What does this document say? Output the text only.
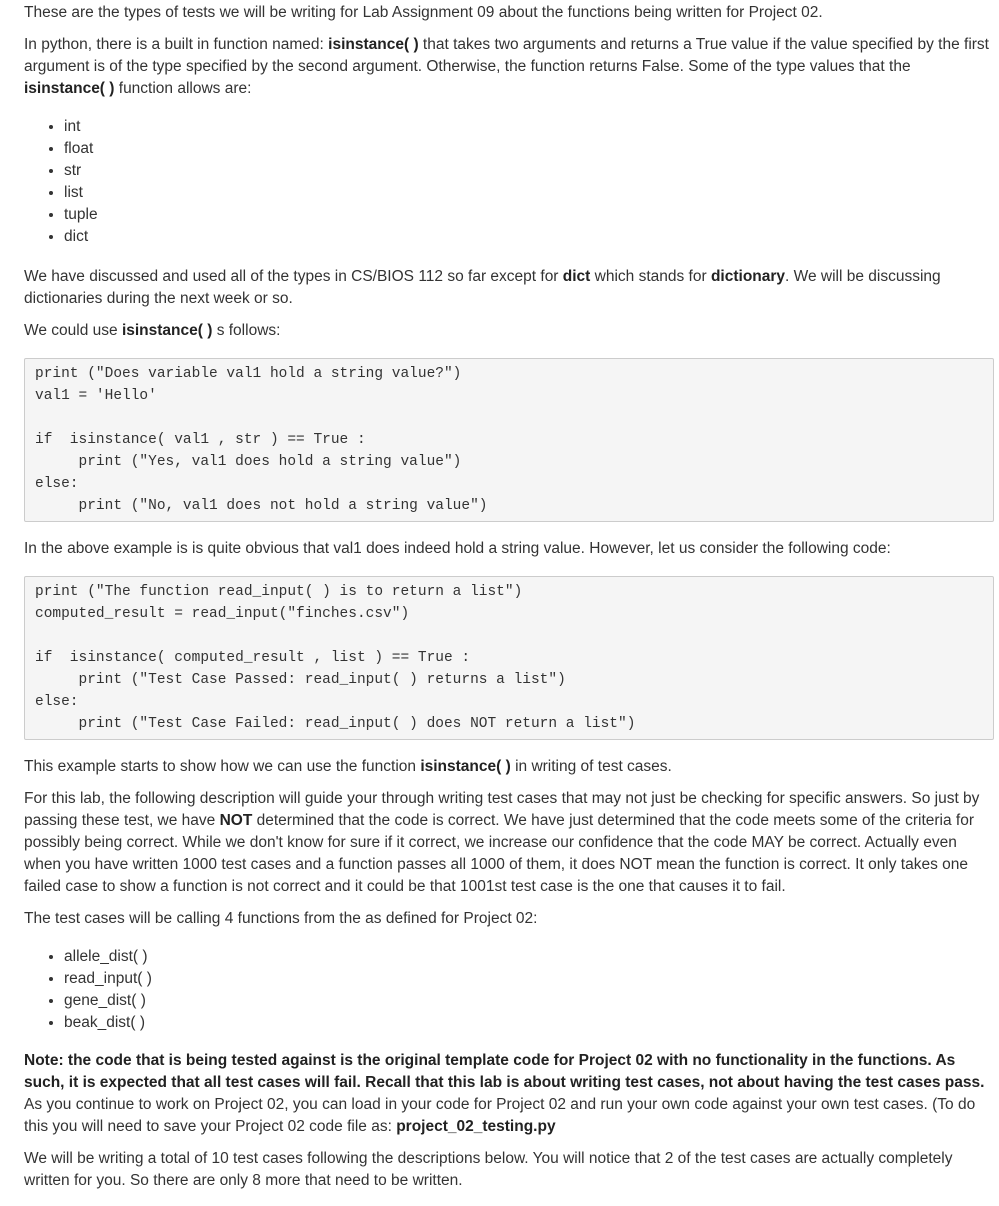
These are the types of tests we will be writing for Lab Assignment 09 about the functions being written for Project 02.

In python, there is a built in function named: isinstance( ) that takes two arguments and returns a True value if the value specified by the first argument is of the type specified by the second argument. Otherwise, the function returns False. Some of the type values that the isinstance( ) function allows are:

• int
• float
• str
• list
• tuple
• dict

We have discussed and used all of the types in CS/BIOS 112 so far except for dict which stands for dictionary. We will be discussing dictionaries during the next week or so.

We could use isinstance( ) s follows:

print ("Does variable val1 hold a string value?")
val1 = 'Hello'

if  isinstance( val1 , str ) == True :
print ("Yes, val1 does hold a string value")
else:
print ("No, val1 does not hold a string value")

In the above example is is quite obvious that val1 does indeed hold a string value. However, let us consider the following code:

print ("The function read_input( ) is to return a list")
computed_result = read_input("finches.csv")

if  isinstance( computed_result , list ) == True :
print ("Test Case Passed: read_input( ) returns a list")
else:
print ("Test Case Failed: read_input( ) does NOT return a list")

This example starts to show how we can use the function isinstance( ) in writing of test cases.

For this lab, the following description will guide your through writing test cases that may not just be checking for specific answers. So just by passing these test, we have NOT determined that the code is correct. We have just determined that the code meets some of the criteria for possibly being correct. While we don't know for sure if it correct, we increase our confidence that the code MAY be correct. Actually even when you have written 1000 test cases and a function passes all 1000 of them, it does NOT mean the function is correct. It only takes one failed case to show a function is not correct and it could be that 1001st test case is the one that causes it to fail.

The test cases will be calling 4 functions from the as defined for Project 02:

• allele_dist( )
• read_input( )
• gene_dist( )
• beak_dist( )

Note: the code that is being tested against is the original template code for Project 02 with no functionality in the functions. As such, it is expected that all test cases will fail. Recall that this lab is about writing test cases, not about having the test cases pass. As you continue to work on Project 02, you can load in your code for Project 02 and run your own code against your own test cases. (To do this you will need to save your Project 02 code file as: project_02_testing.py

We will be writing a total of 10 test cases following the descriptions below. You will notice that 2 of the test cases are actually completely written for you. So there are only 8 more that need to be written.
